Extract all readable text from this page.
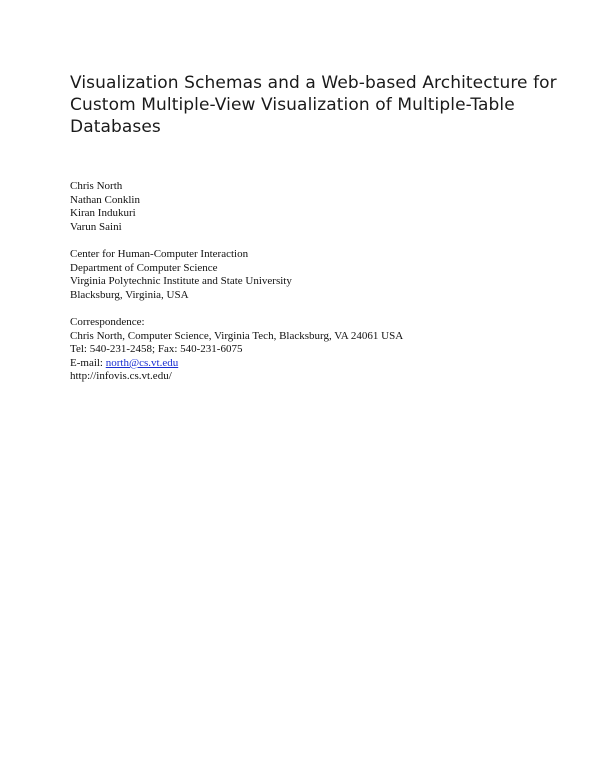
Visualization Schemas and a Web-based Architecture for
Custom Multiple-View Visualization of Multiple-Table
Databases
Chris North
Nathan Conklin
Kiran Indukuri
Varun Saini
Center for Human-Computer Interaction
Department of Computer Science
Virginia Polytechnic Institute and State University
Blacksburg, Virginia, USA
Correspondence:
Chris North, Computer Science, Virginia Tech, Blacksburg, VA 24061 USA
Tel: 540-231-2458; Fax: 540-231-6075
E-mail: north@cs.vt.edu
http://infovis.cs.vt.edu/
